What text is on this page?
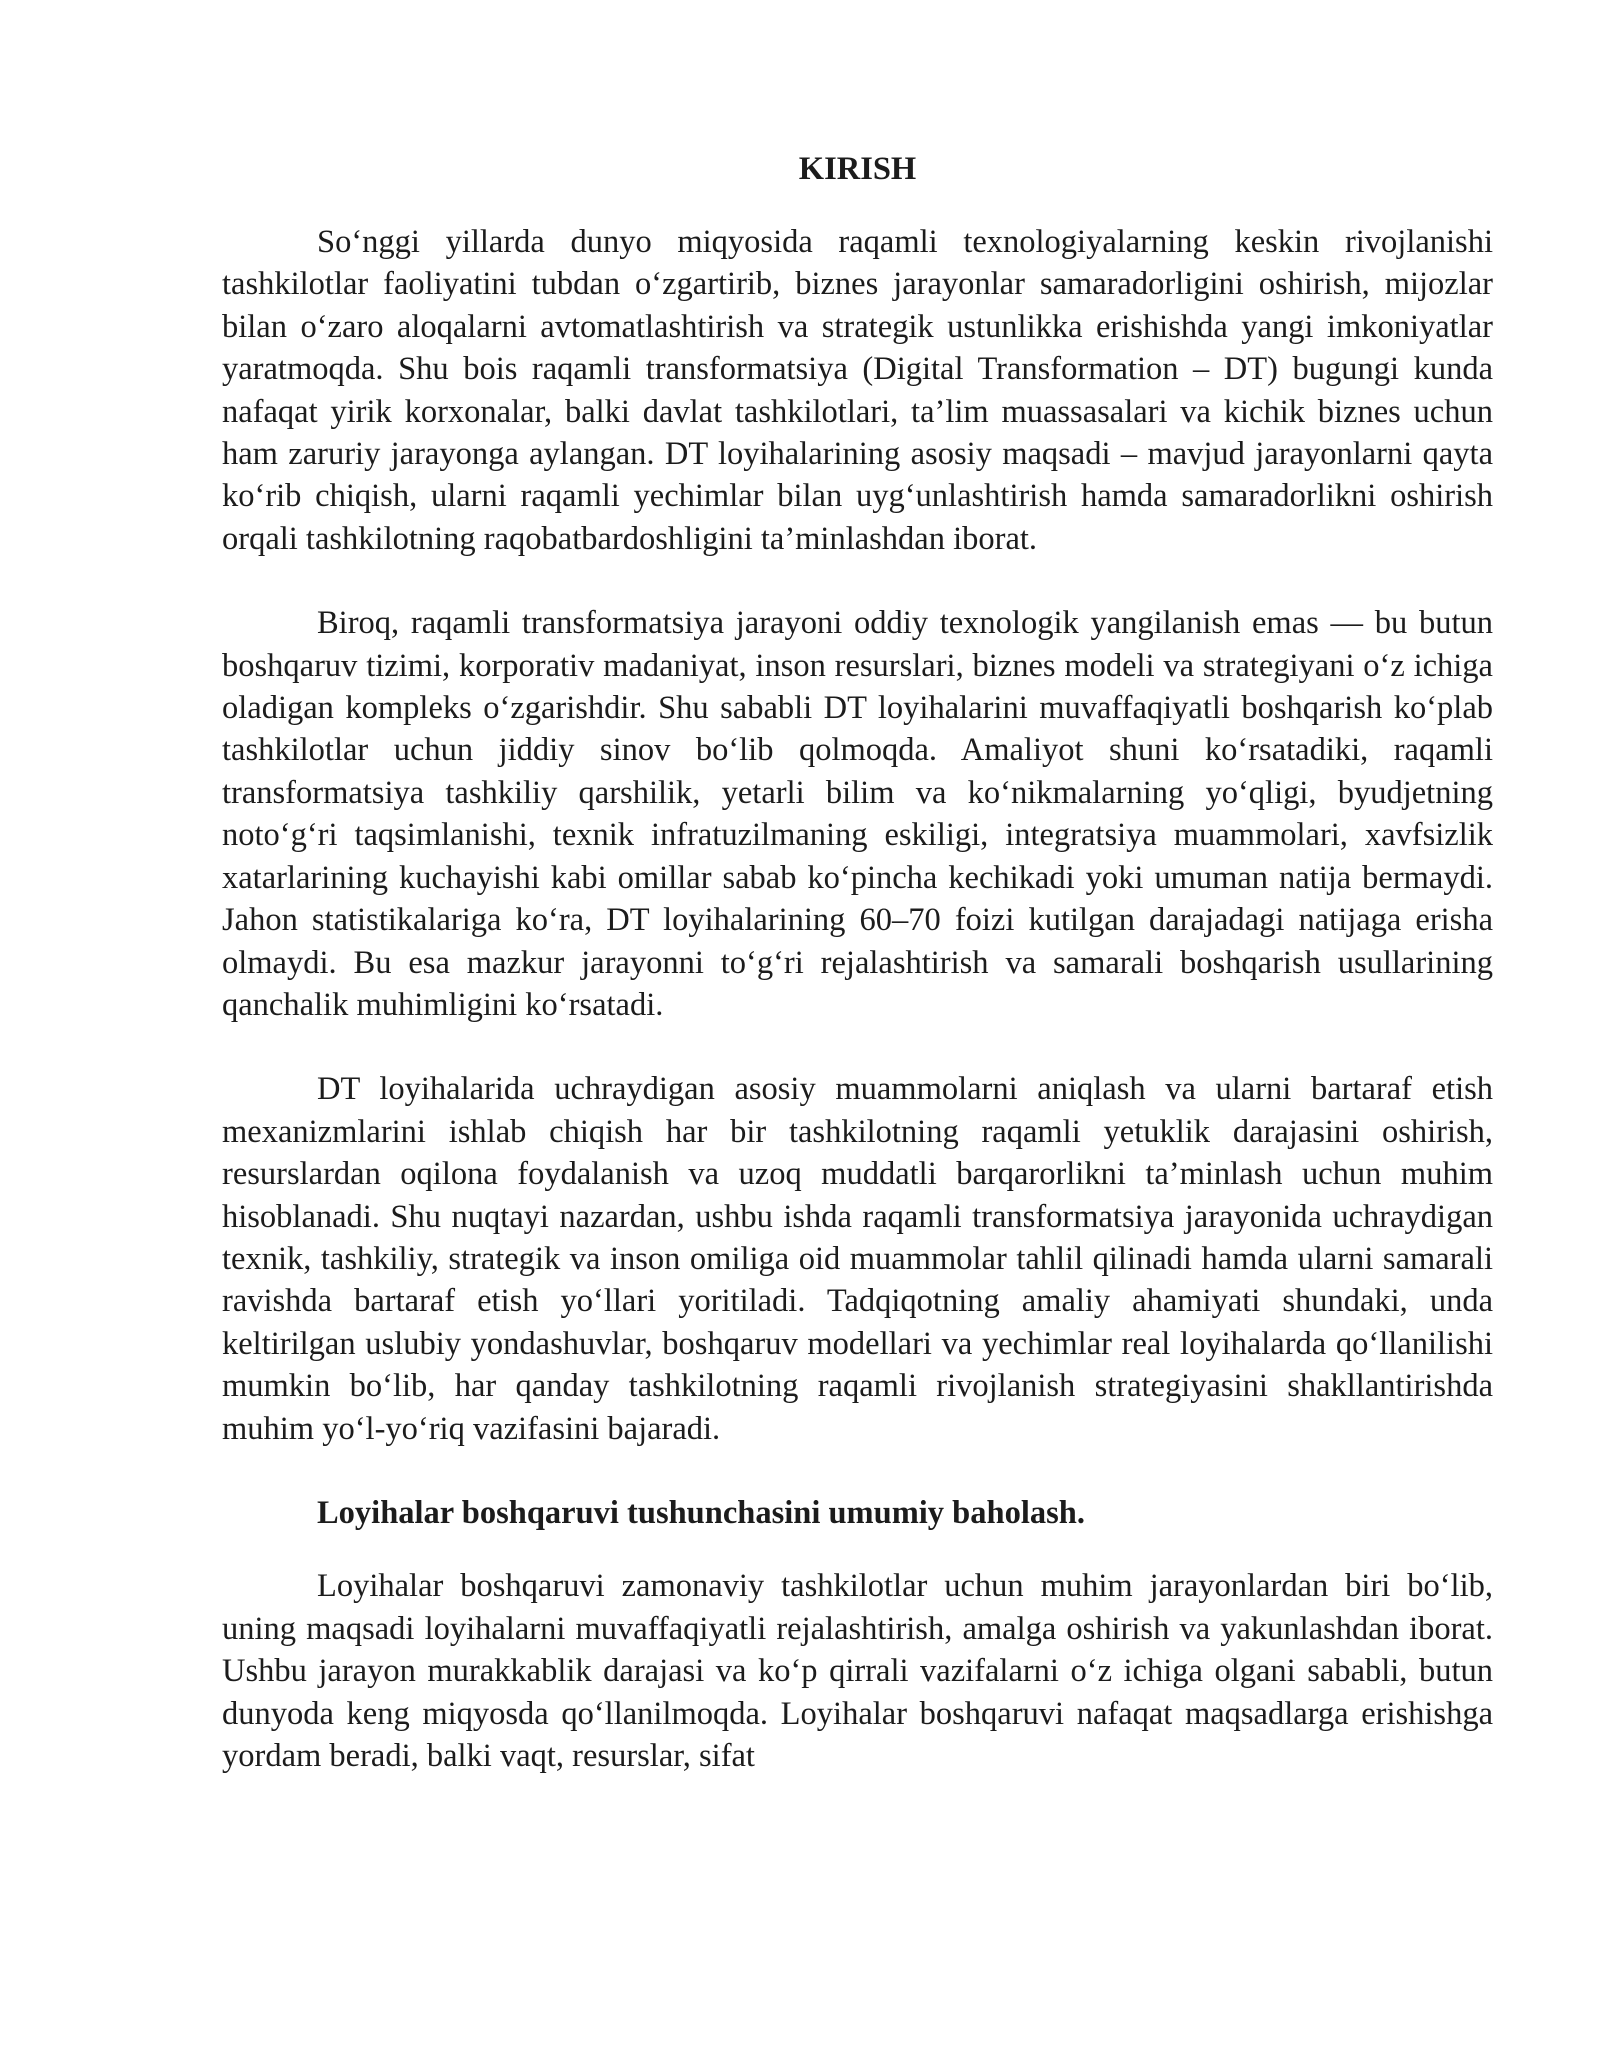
KIRISH

So‘nggi yillarda dunyo miqyosida raqamli texnologiyalarning keskin rivojlanishi tashkilotlar faoliyatini tubdan o‘zgartirib, biznes jarayonlar samaradorligini oshirish, mijozlar bilan o‘zaro aloqalarni avtomatlashtirish va strategik ustunlikka erishishda yangi imkoniyatlar yaratmoqda. Shu bois raqamli transformatsiya (Digital Transformation – DT) bugungi kunda nafaqat yirik korxonalar, balki davlat tashkilotlari, ta’lim muassasalari va kichik biznes uchun ham zaruriy jarayonga aylangan. DT loyihalarining asosiy maqsadi – mavjud jarayonlarni qayta ko‘rib chiqish, ularni raqamli yechimlar bilan uyg‘unlashtirish hamda samaradorlikni oshirish orqali tashkilotning raqobatbardoshligini ta’minlashdan iborat.

Biroq, raqamli transformatsiya jarayoni oddiy texnologik yangilanish emas — bu butun boshqaruv tizimi, korporativ madaniyat, inson resurslari, biznes modeli va strategiyani o‘z ichiga oladigan kompleks o‘zgarishdir. Shu sababli DT loyihalarini muvaffaqiyatli boshqarish ko‘plab tashkilotlar uchun jiddiy sinov bo‘lib qolmoqda. Amaliyot shuni ko‘rsatadiki, raqamli transformatsiya tashkiliy qarshilik, yetarli bilim va ko‘nikmalarning yo‘qligi, byudjetning noto‘g‘ri taqsimlanishi, texnik infratuzilmaning eskiligi, integratsiya muammolari, xavfsizlik xatarlarining kuchayishi kabi omillar sabab ko‘pincha kechikadi yoki umuman natija bermaydi. Jahon statistikalariga ko‘ra, DT loyihalarining 60–70 foizi kutilgan darajadagi natijaga erisha olmaydi. Bu esa mazkur jarayonni to‘g‘ri rejalashtirish va samarali boshqarish usullarining qanchalik muhimligini ko‘rsatadi.

DT loyihalarida uchraydigan asosiy muammolarni aniqlash va ularni bartaraf etish mexanizmlarini ishlab chiqish har bir tashkilotning raqamli yetuklik darajasini oshirish, resurslardan oqilona foydalanish va uzoq muddatli barqarorlikni ta’minlash uchun muhim hisoblanadi. Shu nuqtayi nazardan, ushbu ishda raqamli transformatsiya jarayonida uchraydigan texnik, tashkiliy, strategik va inson omiliga oid muammolar tahlil qilinadi hamda ularni samarali ravishda bartaraf etish yo‘llari yoritiladi. Tadqiqotning amaliy ahamiyati shundaki, unda keltirilgan uslubiy yondashuvlar, boshqaruv modellari va yechimlar real loyihalarda qo‘llanilishi mumkin bo‘lib, har qanday tashkilotning raqamli rivojlanish strategiyasini shakllantirishda muhim yo‘l-yo‘riq vazifasini bajaradi.

Loyihalar boshqaruvi tushunchasini umumiy baholash.

Loyihalar boshqaruvi zamonaviy tashkilotlar uchun muhim jarayonlardan biri bo‘lib, uning maqsadi loyihalarni muvaffaqiyatli rejalashtirish, amalga oshirish va yakunlashdan iborat. Ushbu jarayon murakkablik darajasi va ko‘p qirrali vazifalarni o‘z ichiga olgani sababli, butun dunyoda keng miqyosda qo‘llanilmoqda. Loyihalar boshqaruvi nafaqat maqsadlarga erishishga yordam beradi, balki vaqt, resurslar, sifat
